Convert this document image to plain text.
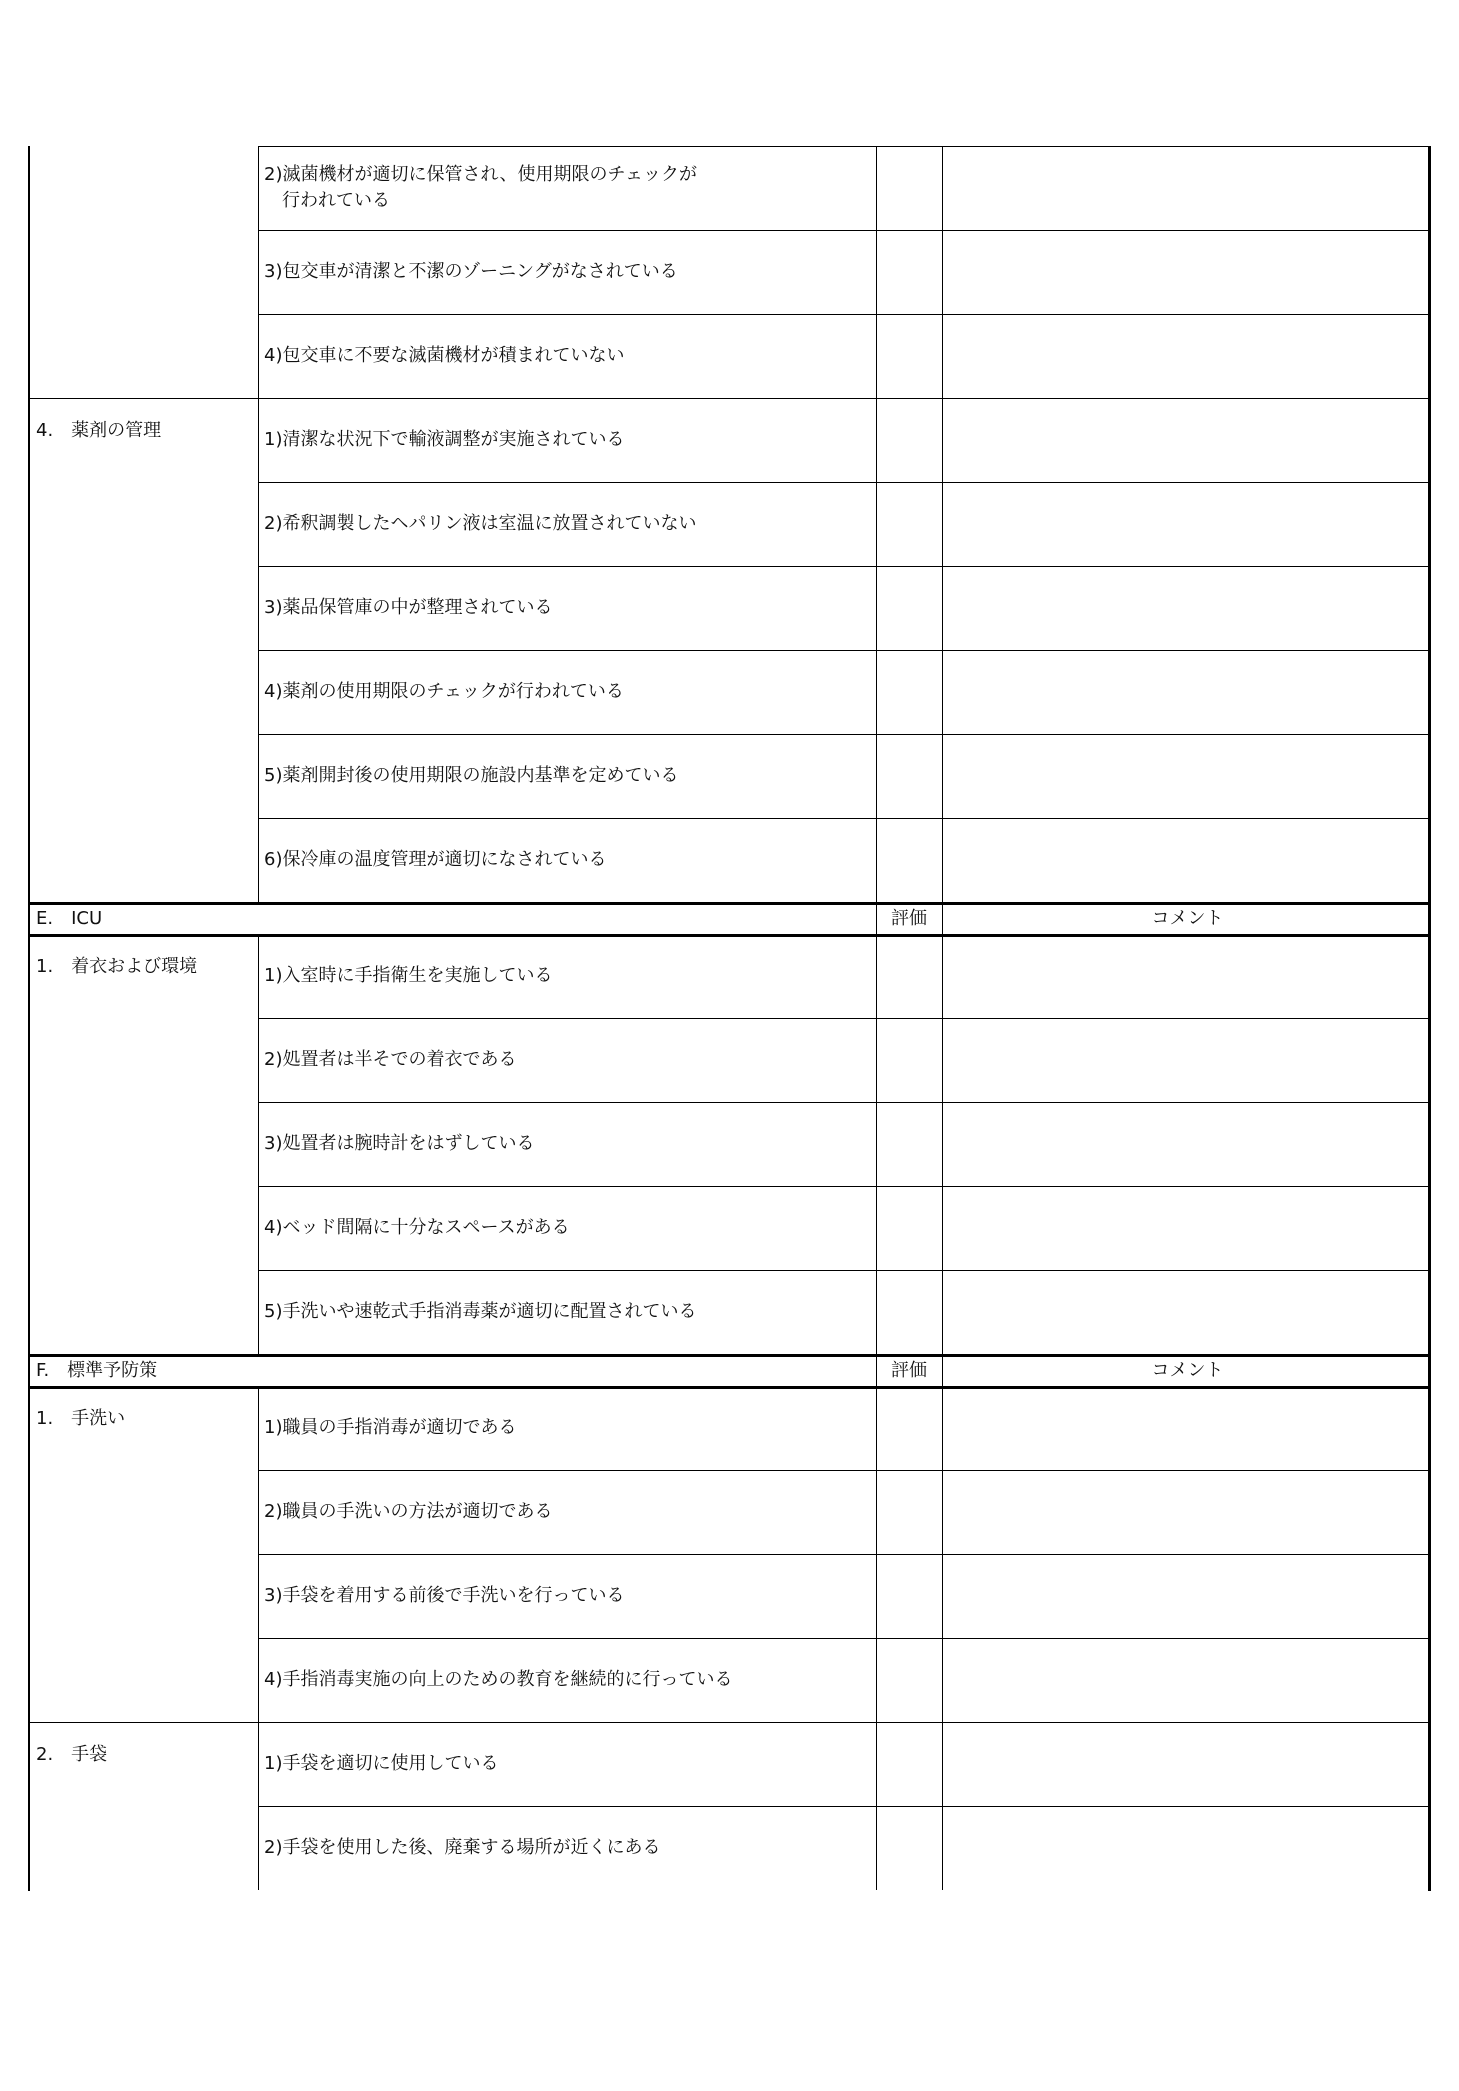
2)滅菌機材が適切に保管され、使用期限のチェックが
　行われている
3)包交車が清潔と不潔のゾーニングがなされている
4)包交車に不要な滅菌機材が積まれていない
4.　薬剤の管理	1)清潔な状況下で輸液調整が実施されている
2)希釈調製したヘパリン液は室温に放置されていない
3)薬品保管庫の中が整理されている
4)薬剤の使用期限のチェックが行われている
5)薬剤開封後の使用期限の施設内基準を定めている
6)保冷庫の温度管理が適切になされている
E.　ICU	評価	コメント
1.　着衣および環境	1)入室時に手指衛生を実施している
2)処置者は半そでの着衣である
3)処置者は腕時計をはずしている
4)ベッド間隔に十分なスペースがある
5)手洗いや速乾式手指消毒薬が適切に配置されている
F.　標準予防策	評価	コメント
1.　手洗い	1)職員の手指消毒が適切である
2)職員の手洗いの方法が適切である
3)手袋を着用する前後で手洗いを行っている
4)手指消毒実施の向上のための教育を継続的に行っている
2.　手袋	1)手袋を適切に使用している
2)手袋を使用した後、廃棄する場所が近くにある
